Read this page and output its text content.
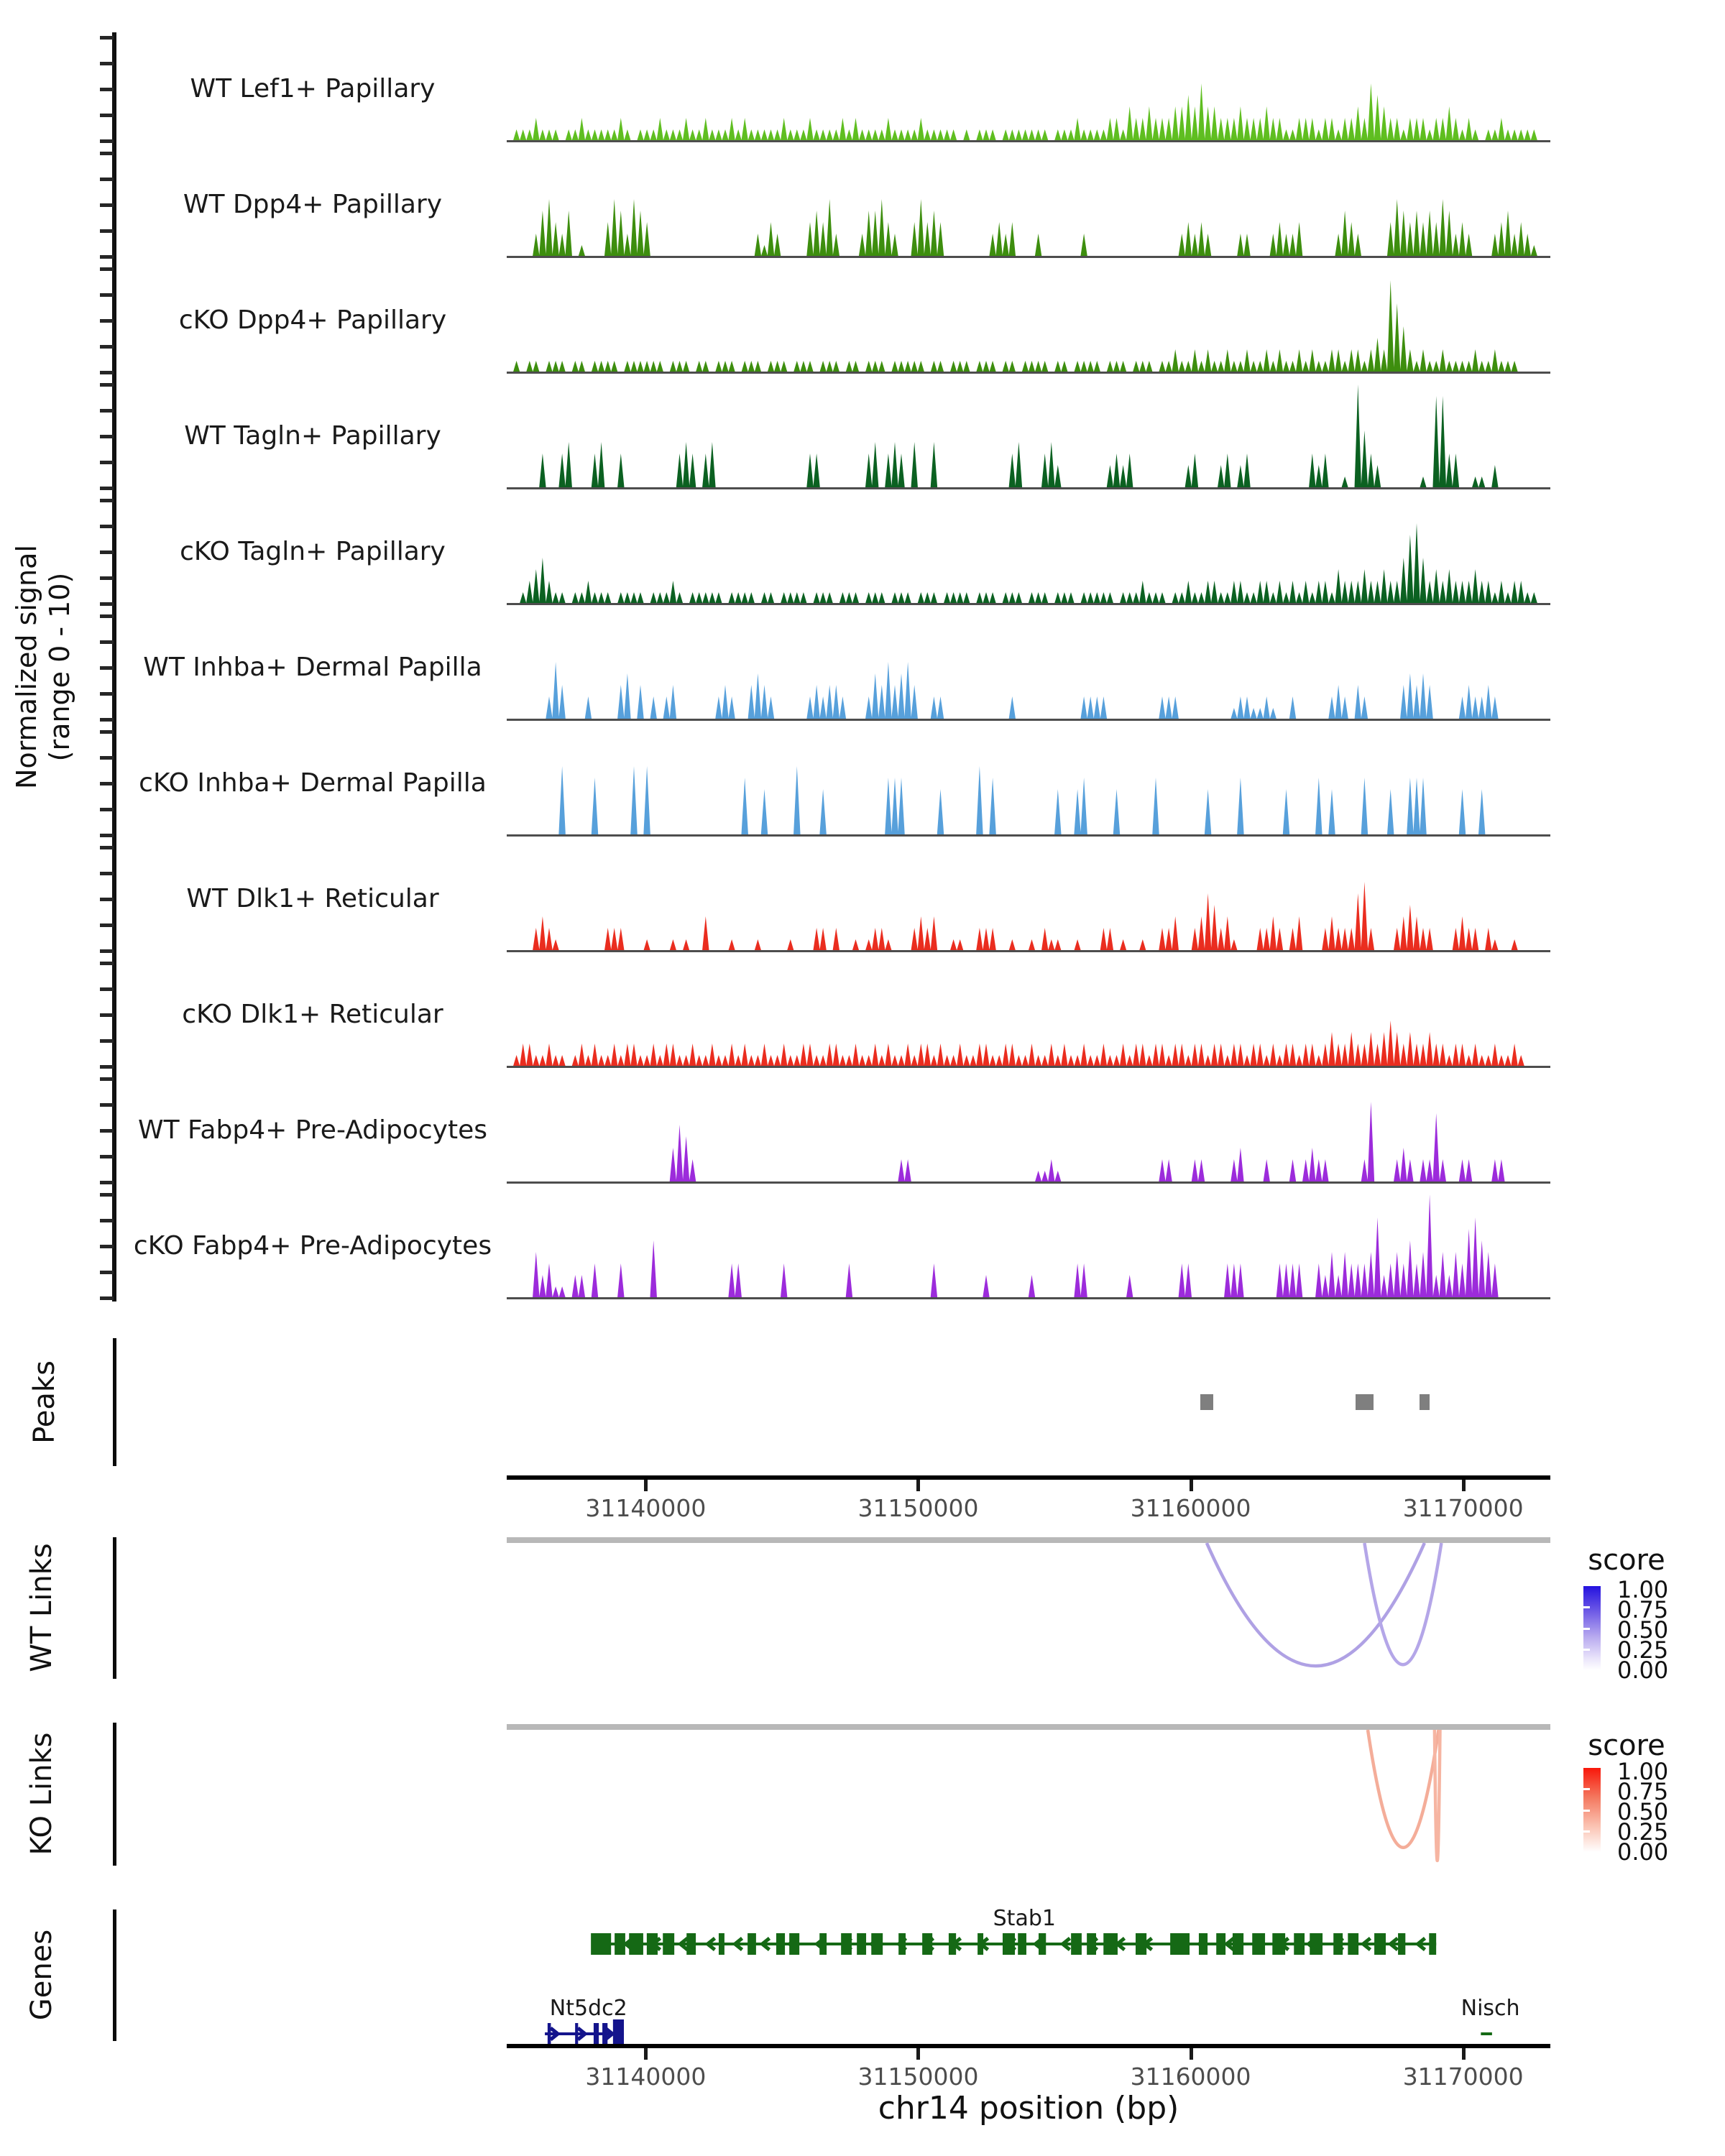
Normalized signal (range 0 - 10)
Peaks
WT Links
KO Links
Genes
WT Lef1+ Papillary
WT Dpp4+ Papillary
cKO Dpp4+ Papillary
WT Tagln+ Papillary
cKO Tagln+ Papillary
WT Inhba+ Dermal Papilla
cKO Inhba+ Dermal Papilla
WT Dlk1+ Reticular
cKO Dlk1+ Reticular
WT Fabp4+ Pre-Adipocytes
cKO Fabp4+ Pre-Adipocytes
31140000	31150000	31160000	31170000
score
1.00
0.75
0.50
0.25
0.00
score
1.00
0.75
0.50
0.25
0.00
Stab1
Nt5dc2	Nisch
31140000	31150000	31160000	31170000
chr14 position (bp)
